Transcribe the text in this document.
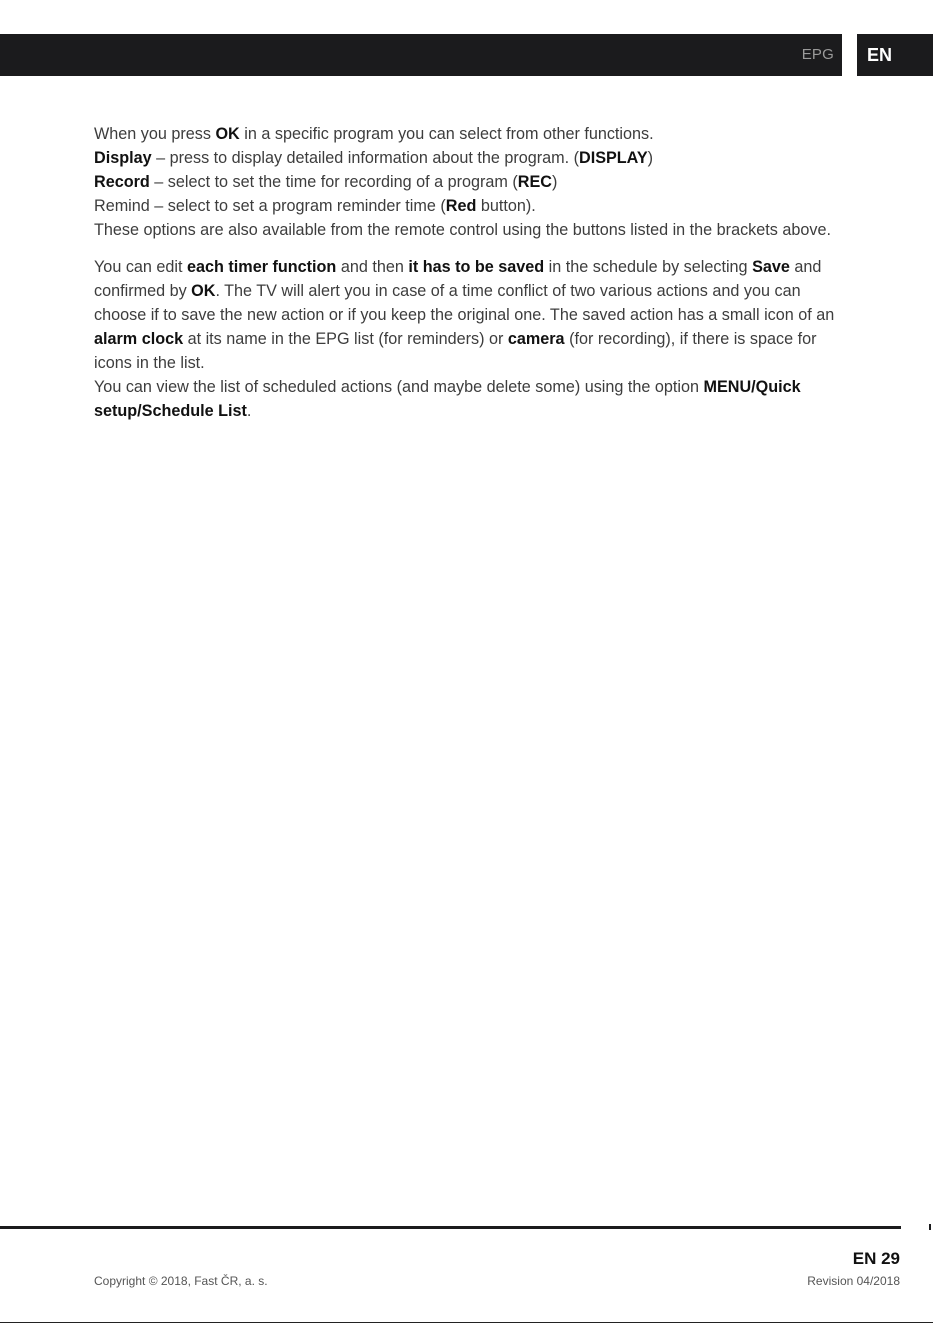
EPG	EN

When you press OK in a specific program you can select from other functions.

Display – press to display detailed information about the program. (DISPLAY)

Record – select to set the time for recording of a program (REC)

Remind – select to set a program reminder time (Red button).

These options are also available from the remote control using the buttons listed in the brackets above.

You can edit each timer function and then it has to be saved in the schedule by selecting Save and confirmed by OK. The TV will alert you in case of a time conflict of two various actions and you can choose if to save the new action or if you keep the original one. The saved action has a small icon of an alarm clock at its name in the EPG list (for reminders) or camera (for recording), if there is space for icons in the list.

You can view the list of scheduled actions (and maybe delete some) using the option MENU/Quick setup/Schedule List.

EN 29
Copyright © 2018, Fast ČR, a. s.	Revision 04/2018
